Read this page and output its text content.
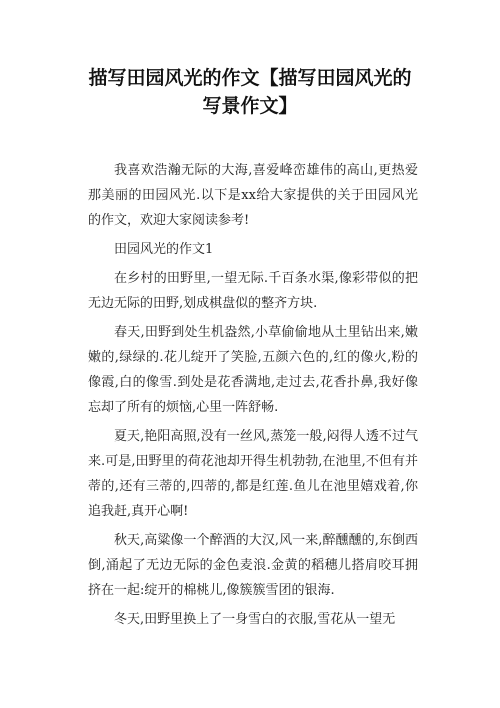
描写田园风光的作文【描写田园风光的
写景作文】

我喜欢浩瀚无际的大海,喜爱峰峦雄伟的高山,更热爱那美丽的田园风光.以下是xx给大家提供的关于田园风光的作文，欢迎大家阅读参考!

田园风光的作文1

在乡村的田野里,一望无际.千百条水渠,像彩带似的把无边无际的田野,划成棋盘似的整齐方块.

春天,田野到处生机盎然,小草偷偷地从土里钻出来,嫩嫩的,绿绿的.花儿绽开了笑脸,五颜六色的,红的像火,粉的像霞,白的像雪.到处是花香满地,走过去,花香扑鼻,我好像忘却了所有的烦恼,心里一阵舒畅.

夏天,艳阳高照,没有一丝风,蒸笼一般,闷得人透不过气来.可是,田野里的荷花池却开得生机勃勃,在池里,不但有并蒂的,还有三蒂的,四蒂的,都是红莲.鱼儿在池里嬉戏着,你追我赶,真开心啊!

秋天,高粱像一个醉酒的大汉,风一来,醉醺醺的,东倒西倒,涌起了无边无际的金色麦浪.金黄的稻穗儿搭肩咬耳拥挤在一起:绽开的棉桃儿,像簇簇雪团的银海.

冬天,田野里换上了一身雪白的衣服,雪花从一望无
